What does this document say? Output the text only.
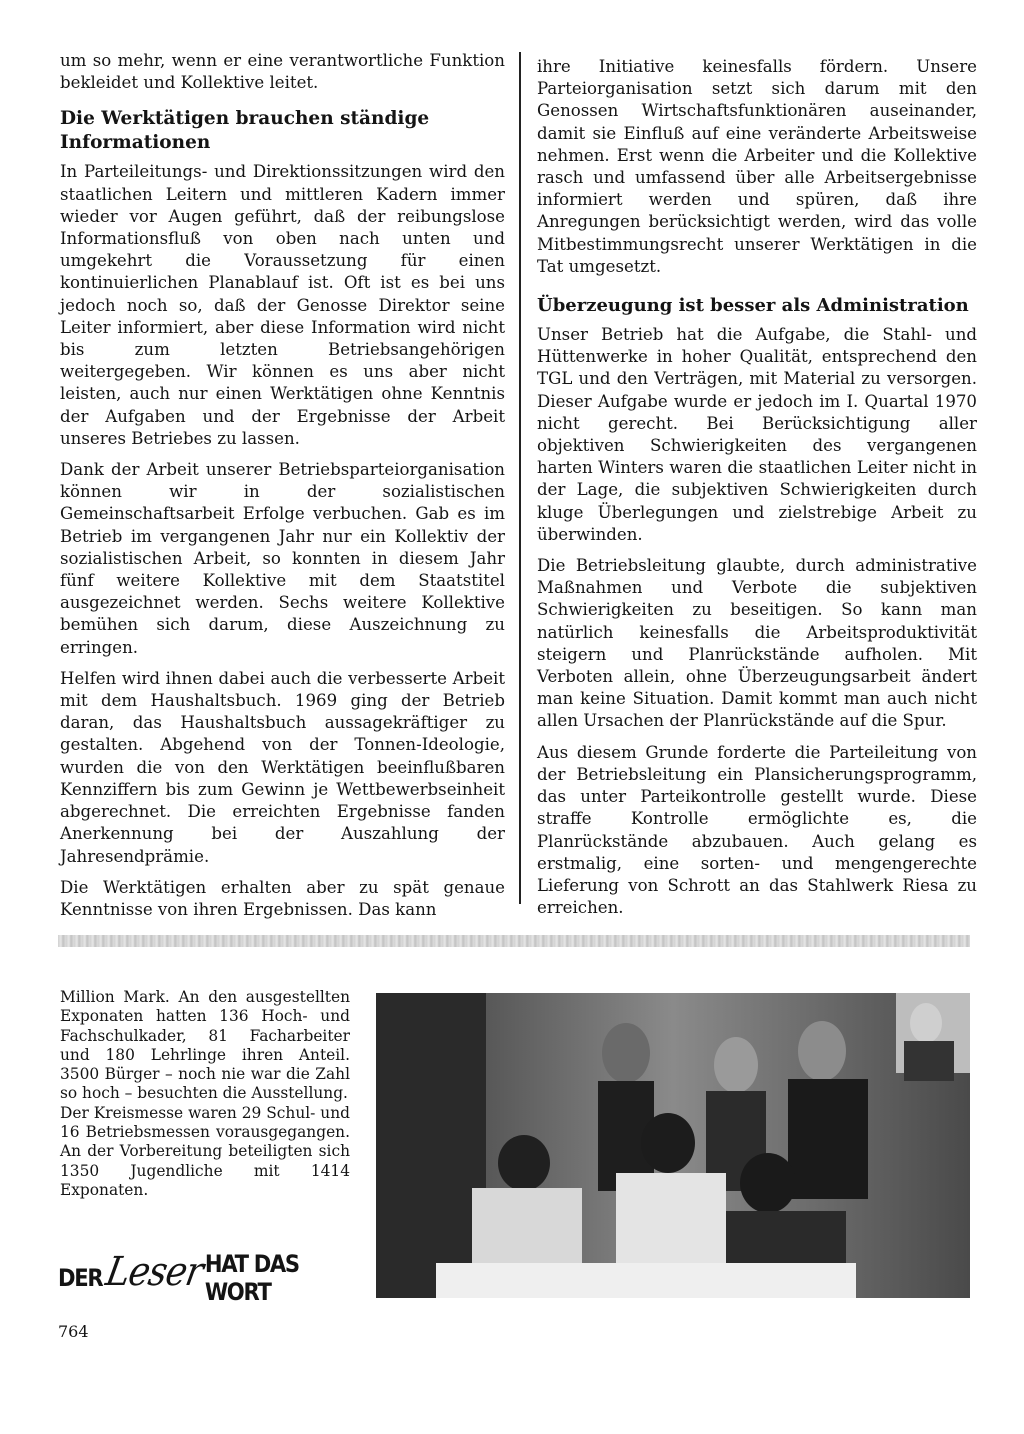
um so mehr, wenn er eine verantwortliche Funktion bekleidet und Kollektive leitet.

Die Werktätigen brauchen ständige Informationen

In Parteileitungs- und Direktionssitzungen wird den staatlichen Leitern und mittleren Kadern immer wieder vor Augen geführt, daß der reibungslose Informationsfluß von oben nach unten und umgekehrt die Voraussetzung für einen kontinuierlichen Planablauf ist. Oft ist es bei uns jedoch noch so, daß der Genosse Direktor seine Leiter informiert, aber diese Information wird nicht bis zum letzten Betriebsangehörigen weitergegeben. Wir können es uns aber nicht leisten, auch nur einen Werktätigen ohne Kenntnis der Aufgaben und der Ergebnisse der Arbeit unseres Betriebes zu lassen.

Dank der Arbeit unserer Betriebsparteiorganisation können wir in der sozialistischen Gemeinschaftsarbeit Erfolge verbuchen. Gab es im Betrieb im vergangenen Jahr nur ein Kollektiv der sozialistischen Arbeit, so konnten in diesem Jahr fünf weitere Kollektive mit dem Staatstitel ausgezeichnet werden. Sechs weitere Kollektive bemühen sich darum, diese Auszeichnung zu erringen.

Helfen wird ihnen dabei auch die verbesserte Arbeit mit dem Haushaltsbuch. 1969 ging der Betrieb daran, das Haushaltsbuch aussagekräftiger zu gestalten. Abgehend von der Tonnen-Ideologie, wurden die von den Werktätigen beeinflußbaren Kennziffern bis zum Gewinn je Wettbewerbseinheit abgerechnet. Die erreichten Ergebnisse fanden Anerkennung bei der Auszahlung der Jahresendprämie.

Die Werktätigen erhalten aber zu spät genaue Kenntnisse von ihren Ergebnissen. Das kann

ihre Initiative keinesfalls fördern. Unsere Parteiorganisation setzt sich darum mit den Genossen Wirtschaftsfunktionären auseinander, damit sie Einfluß auf eine veränderte Arbeitsweise nehmen. Erst wenn die Arbeiter und die Kollektive rasch und umfassend über alle Arbeitsergebnisse informiert werden und spüren, daß ihre Anregungen berücksichtigt werden, wird das volle Mitbestimmungsrecht unserer Werktätigen in die Tat umgesetzt.

Überzeugung ist besser als Administration

Unser Betrieb hat die Aufgabe, die Stahl- und Hüttenwerke in hoher Qualität, entsprechend den TGL und den Verträgen, mit Material zu versorgen. Dieser Aufgabe wurde er jedoch im I. Quartal 1970 nicht gerecht. Bei Berücksichtigung aller objektiven Schwierigkeiten des vergangenen harten Winters waren die staatlichen Leiter nicht in der Lage, die subjektiven Schwierigkeiten durch kluge Überlegungen und zielstrebige Arbeit zu überwinden.

Die Betriebsleitung glaubte, durch administrative Maßnahmen und Verbote die subjektiven Schwierigkeiten zu beseitigen. So kann man natürlich keinesfalls die Arbeitsproduktivität steigern und Planrückstände aufholen. Mit Verboten allein, ohne Überzeugungsarbeit ändert man keine Situation. Damit kommt man auch nicht allen Ursachen der Planrückstände auf die Spur.

Aus diesem Grunde forderte die Parteileitung von der Betriebsleitung ein Plansicherungsprogramm, das unter Parteikontrolle gestellt wurde. Diese straffe Kontrolle ermöglichte es, die Planrückstände abzubauen. Auch gelang es erstmalig, eine sorten- und mengengerechte Lieferung von Schrott an das Stahlwerk Riesa zu erreichen.

Million Mark. An den ausgestellten Exponaten hatten 136 Hoch- und Fachschulkader, 81 Facharbeiter und 180 Lehrlinge ihren Anteil. 3500 Bürger – noch nie war die Zahl so hoch – besuchten die Ausstellung.

Der Kreismesse waren 29 Schul- und 16 Betriebsmessen vorausgegangen. An der Vorbereitung beteiligten sich 1350 Jugendliche mit 1414 Exponaten.

DER Leser
HAT DAS WORT
764
